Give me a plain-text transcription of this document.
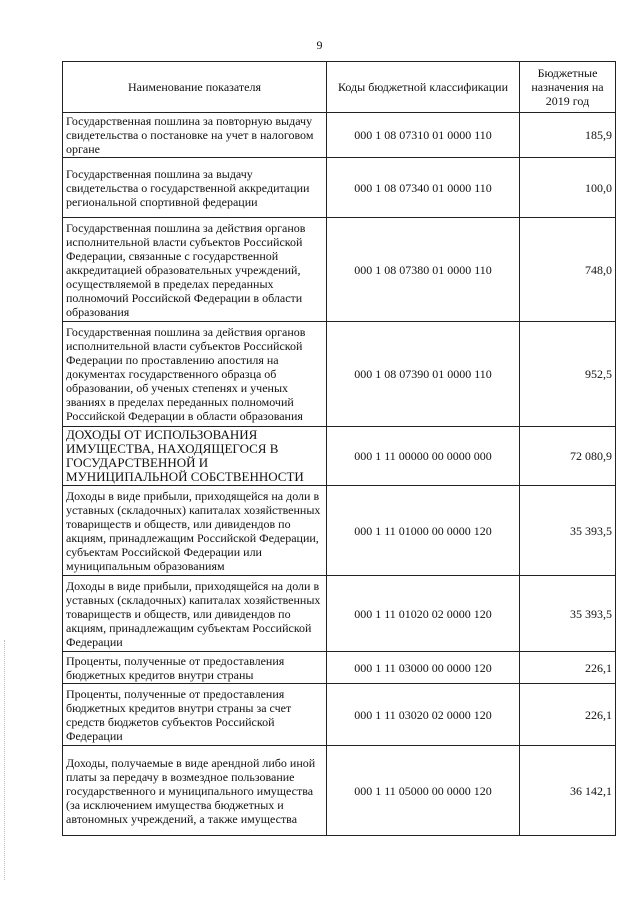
9
Наименование показателя	Коды бюджетной классификации	Бюджетные назначения на 2019 год
Государственная пошлина за повторную выдачу свидетельства о постановке на учет в налоговом органе	000 1 08 07310 01 0000 110	185,9
Государственная пошлина за выдачу свидетельства о государственной аккредитации региональной спортивной федерации	000 1 08 07340 01 0000 110	100,0
Государственная пошлина за действия органов исполнительной власти субъектов Российской Федерации, связанные с государственной аккредитацией образовательных учреждений, осуществляемой в пределах переданных полномочий Российской Федерации в области образования	000 1 08 07380 01 0000 110	748,0
Государственная пошлина за действия органов исполнительной власти субъектов Российской Федерации по проставлению апостиля на документах государственного образца об образовании, об ученых степенях и ученых званиях в пределах переданных полномочий Российской Федерации в области образования	000 1 08 07390 01 0000 110	952,5
ДОХОДЫ ОТ ИСПОЛЬЗОВАНИЯ ИМУЩЕСТВА, НАХОДЯЩЕГОСЯ В ГОСУДАРСТВЕННОЙ И МУНИЦИПАЛЬНОЙ СОБСТВЕННОСТИ	000 1 11 00000 00 0000 000	72 080,9
Доходы в виде прибыли, приходящейся на доли в уставных (складочных) капиталах хозяйственных товариществ и обществ, или дивидендов по акциям, принадлежащим Российской Федерации, субъектам Российской Федерации или муниципальным образованиям	000 1 11 01000 00 0000 120	35 393,5
Доходы в виде прибыли, приходящейся на доли в уставных (складочных) капиталах хозяйственных товариществ и обществ, или дивидендов по акциям, принадлежащим субъектам Российской Федерации	000 1 11 01020 02 0000 120	35 393,5
Проценты, полученные от предоставления бюджетных кредитов внутри страны	000 1 11 03000 00 0000 120	226,1
Проценты, полученные от предоставления бюджетных кредитов внутри страны за счет средств бюджетов субъектов Российской Федерации	000 1 11 03020 02 0000 120	226,1
Доходы, получаемые в виде арендной либо иной платы за передачу в возмездное пользование государственного и муниципального имущества (за исключением имущества бюджетных и автономных учреждений, а также имущества	000 1 11 05000 00 0000 120	36 142,1
